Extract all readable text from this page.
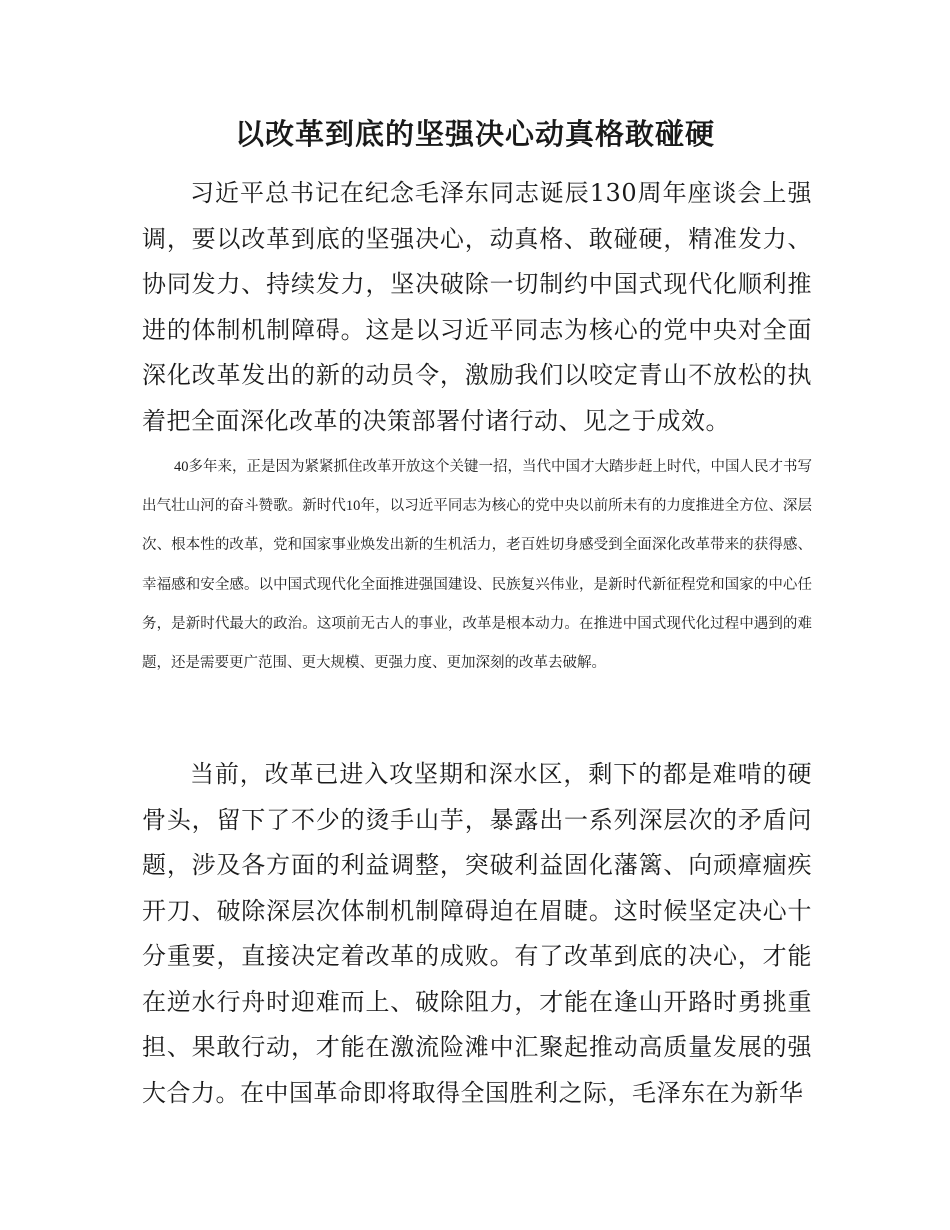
以改革到底的坚强决心动真格敢碰硬

习近平总书记在纪念毛泽东同志诞辰130周年座谈会上强调，要以改革到底的坚强决心，动真格、敢碰硬，精准发力、协同发力、持续发力，坚决破除一切制约中国式现代化顺利推进的体制机制障碍。这是以习近平同志为核心的党中央对全面深化改革发出的新的动员令，激励我们以咬定青山不放松的执着把全面深化改革的决策部署付诸行动、见之于成效。

40多年来，正是因为紧紧抓住改革开放这个关键一招，当代中国才大踏步赶上时代，中国人民才书写出气壮山河的奋斗赞歌。新时代10年，以习近平同志为核心的党中央以前所未有的力度推进全方位、深层次、根本性的改革，党和国家事业焕发出新的生机活力，老百姓切身感受到全面深化改革带来的获得感、幸福感和安全感。以中国式现代化全面推进强国建设、民族复兴伟业，是新时代新征程党和国家的中心任务，是新时代最大的政治。这项前无古人的事业，改革是根本动力。在推进中国式现代化过程中遇到的难题，还是需要更广范围、更大规模、更强力度、更加深刻的改革去破解。

当前，改革已进入攻坚期和深水区，剩下的都是难啃的硬骨头，留下了不少的烫手山芋，暴露出一系列深层次的矛盾问题，涉及各方面的利益调整，突破利益固化藩篱、向顽瘴痼疾开刀、破除深层次体制机制障碍迫在眉睫。这时候坚定决心十分重要，直接决定着改革的成败。有了改革到底的决心，才能在逆水行舟时迎难而上、破除阻力，才能在逢山开路时勇挑重担、果敢行动，才能在激流险滩中汇聚起推动高质量发展的强大合力。在中国革命即将取得全国胜利之际，毛泽东在为新华
